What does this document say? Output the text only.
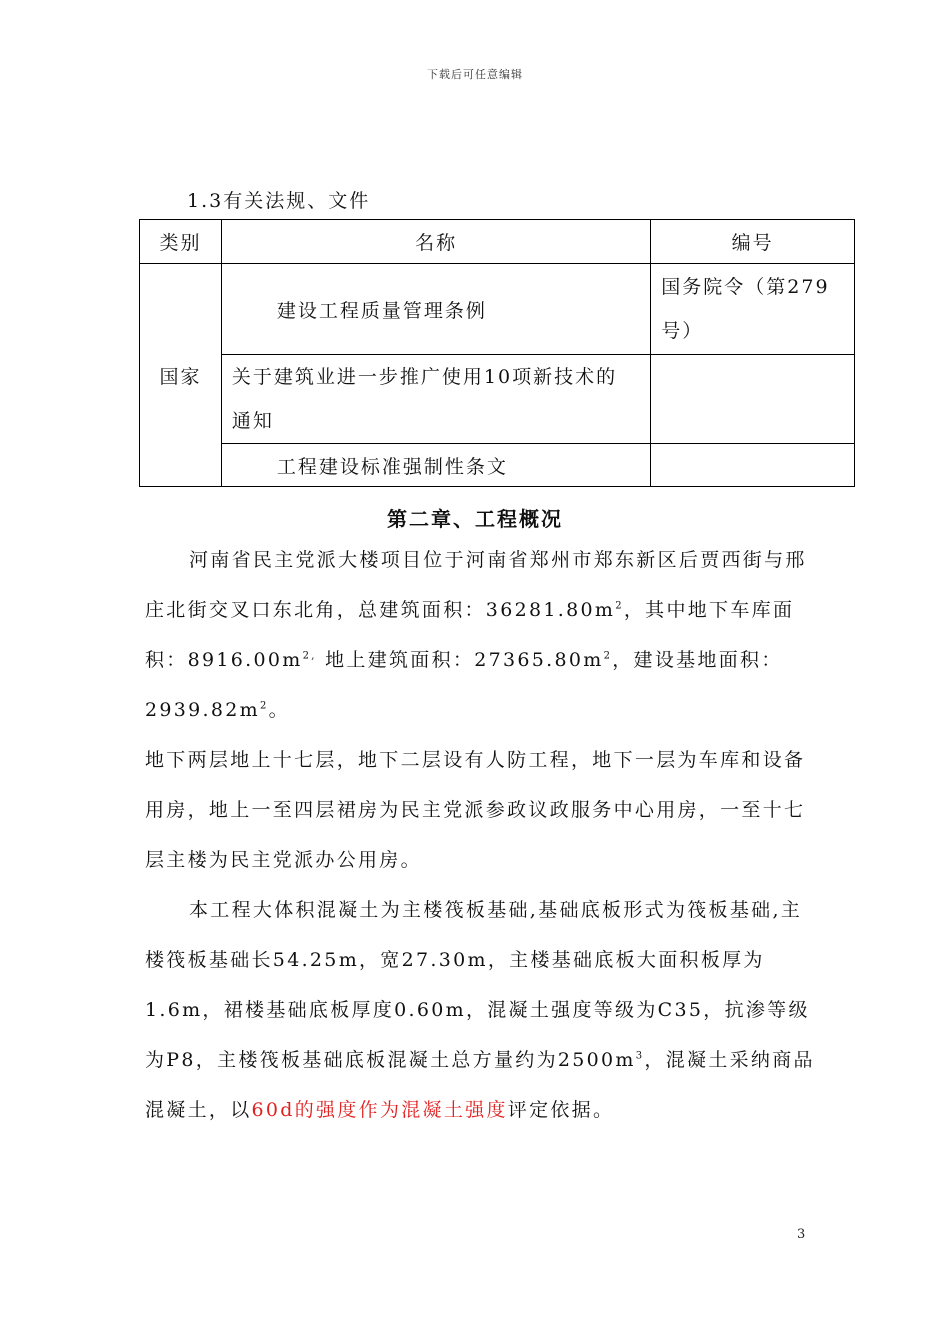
下载后可任意编辑
1.3有关法规、文件
类别	名称	编号
国家	建设工程质量管理条例	国务院令（第279
号）

	关于建筑业进一步推广使用10项新技术的
通知	

	工程建设标准强制性条文	
第二章、工程概况

河南省民主党派大楼项目位于河南省郑州市郑东新区后贾西街与邢庄北街交叉口东北角，总建筑面积：$36281.80m^2$，其中地下车库面积：$8916.00m^{2,}$ 地上建筑面积：$27365.80m^2$，建设基地面积：$2939.82m^2$。

地下两层地上十七层，地下二层设有人防工程，地下一层为车库和设备用房，地上一至四层裙房为民主党派参政议政服务中心用房，一至十七层主楼为民主党派办公用房。

本工程大体积混凝土为主楼筏板基础,基础底板形式为筏板基础,主楼筏板基础长54.25m，宽27.30m，主楼基础底板大面积板厚为1.6m，裙楼基础底板厚度0.60m，混凝土强度等级为C35，抗渗等级为P8，主楼筏板基础底板混凝土总方量约为$2500m^3$，混凝土采纳商品混凝土，以60d的强度作为混凝土强度评定依据。

3
